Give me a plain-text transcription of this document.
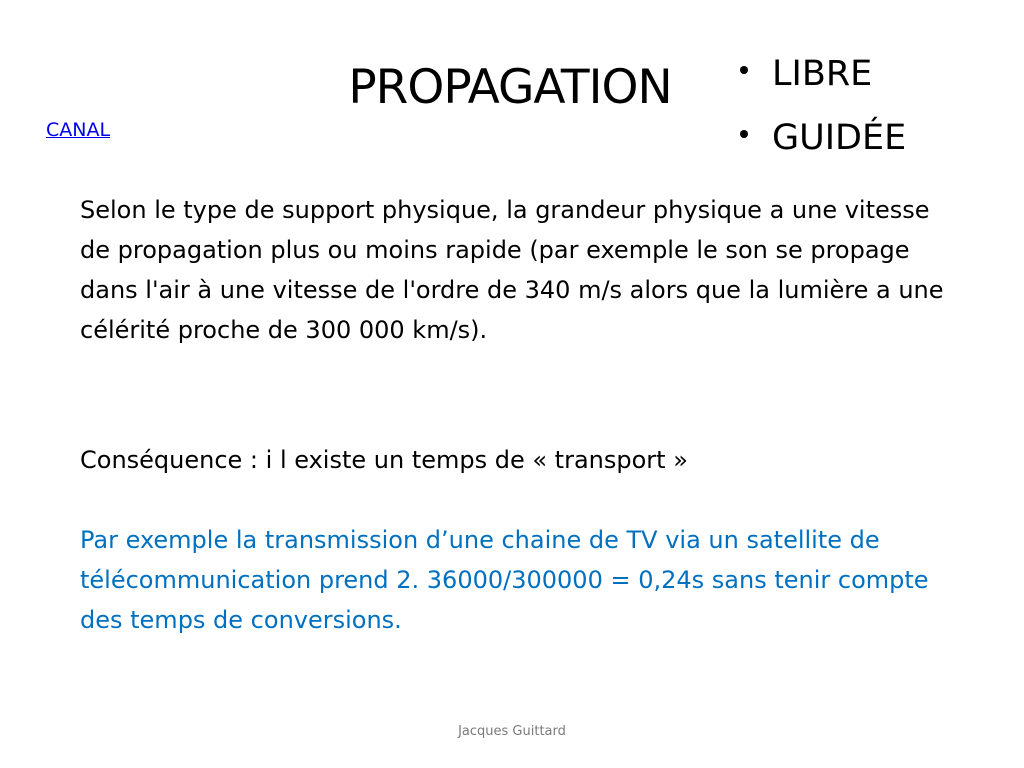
PROPAGATION
CANAL
LIBRE
GUIDÉE

Selon le type de support physique, la grandeur physique a une vitesse de propagation plus ou moins rapide (par exemple le son se propage dans l'air à une vitesse de l'ordre de 340 m/s alors que la lumière a une célérité proche de 300 000 km/s).

Conséquence : i l existe un temps de « transport »

Par exemple la transmission d’une chaine de TV via un satellite de télécommunication prend 2. 36000/300000 = 0,24s sans tenir compte des temps de conversions.

Jacques Guittard
